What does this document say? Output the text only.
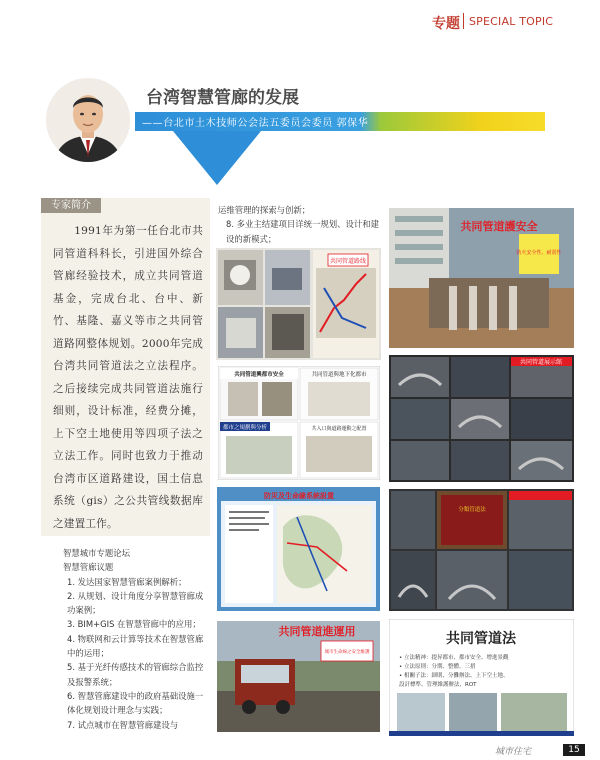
专题 SPECIAL TOPIC
台湾智慧管廊的发展
——台北市土木技师公会法五委员会委员 郭保华
专家简介

1991年为第一任台北市共同管道科科长，引进国外综合管廊经验技术，成立共同管道基金，完成台北、台中、新竹、基隆、嘉义等市之共同管道路网整体规划。2000年完成台湾共同管道法之立法程序。之后接续完成共同管道法施行细则，设计标准，经费分摊，上下空土地使用等四项子法之立法工作。同时也致力于推动台湾市区道路建设，国土信息系统（gis）之公共管线数据库之建置工作。

智慧城市专题论坛
智慧管廊议题
1. 发达国家智慧管廊案例解析；
2. 从规划、设计角度分享智慧管廊成功案例；
3. BIM+GIS 在智慧管廊中的应用；
4. 物联网和云计算等技术在智慧管廊中的运用；
5. 基于光纤传感技术的管廊综合监控及报警系统；
6. 智慧管廊建设中的政府基础设施一体化规划设计理念与实践；
7. 试点城市在智慧管廊建设与
运维管理的探索与创新；
8. 多业主结建项目详统一规划、设计和建设的新模式；
共同管道路线
共同管道護安全
防火安全性、耐震性
共同管道興都市安全	共同管道與地下化都市
都市之規劃與分析	共入口與道路運動之配置
共同管道展示館
防災及生命線系統設置
分類管道法
共同管道進運用
城市生命線之安全維護
共同管道法
• 立法精神：提昇都市、都市安全、增進景觀
• 立法原則：分期、整體、三措
• 相關子法：細則、分攤辦法、上下空土地、
設計標準、管理維護辦法、ROT
城市住宅	15
